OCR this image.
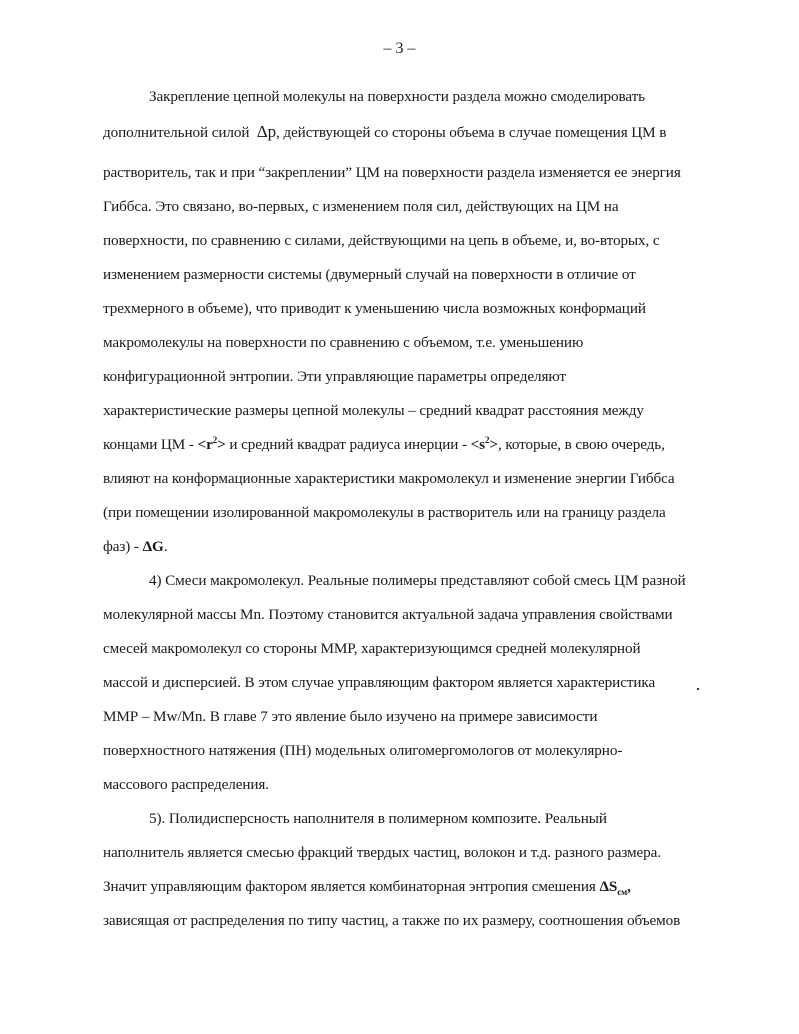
– 3 –
Закрепление цепной молекулы на поверхности раздела можно смоделировать
дополнительной силой Δp, действующей со стороны объема в случае помещения ЦМ в
растворитель, так и при “закреплении” ЦМ на поверхности раздела изменяется ее энергия
Гиббса. Это связано, во-первых, с изменением поля сил, действующих на ЦМ на
поверхности, по сравнению с силами, действующими на цепь в объеме, и, во-вторых, с
изменением размерности системы (двумерный случай на поверхности в отличие от
трехмерного в объеме), что приводит к уменьшению числа возможных конформаций
макромолекулы на поверхности по сравнению с объемом, т.е. уменьшению
конфигурационной энтропии. Эти управляющие параметры определяют
характеристические размеры цепной молекулы – средний квадрат расстояния между
концами ЦМ - $<r^2> и$ средний квадрат радиуса инерции - $<s^2>$, которые, в свою очередь,
влияют на конформационные характеристики макромолекул и изменение энергии Гиббса
(при помещении изолированной макромолекулы в растворитель или на границу раздела
фаз) - ΔG.
4) Смеси макромолекул. Реальные полимеры представляют собой смесь ЦМ разной
молекулярной массы Mn. Поэтому становится актуальной задача управления свойствами
смесей макромолекул со стороны ММР, характеризующимся средней молекулярной
массой и дисперсией. В этом случае управляющим фактором является характеристика
ММР – Mw/Mn. В главе 7 это явление было изучено на примере зависимости
поверхностного натяжения (ПН) модельных олигомергомологов от молекулярно-
массового распределения.
5). Полидисперсность наполнителя в полимерном композите. Реальный
наполнитель является смесью фракций твердых частиц, волокон и т.д. разного размера.
Значит управляющим фактором является комбинаторная энтропия смешения $\Delta S_{см}$,
зависящая от распределения по типу частиц, а также по их размеру, соотношения объемов
